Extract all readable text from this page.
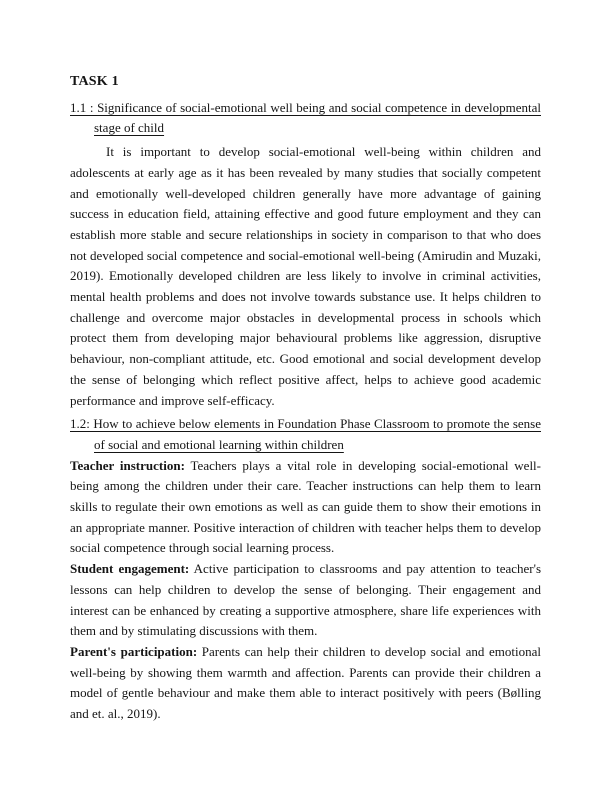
TASK 1

1.1 : Significance of social-emotional well being and social competence in developmental stage of child

It is important to develop social-emotional well-being within children and adolescents at early age as it has been revealed by many studies that socially competent and emotionally well-developed children generally have more advantage of gaining success in education field, attaining effective and good future employment and they can establish more stable and secure relationships in society in comparison to that who does not developed social competence and social-emotional well-being (Amirudin and Muzaki, 2019). Emotionally developed children are less likely to involve in criminal activities, mental health problems and does not involve towards substance use. It helps children to challenge and overcome major obstacles in developmental process in schools which protect them from developing major behavioural problems like aggression, disruptive behaviour, non-compliant attitude, etc. Good emotional and social development develop the sense of belonging which reflect positive affect, helps to achieve good academic performance and improve self-efficacy.

1.2: How to achieve below elements in Foundation Phase Classroom to promote the sense of social and emotional learning within children

Teacher instruction: Teachers plays a vital role in developing social-emotional well-being among the children under their care. Teacher instructions can help them to learn skills to regulate their own emotions as well as can guide them to show their emotions in an appropriate manner. Positive interaction of children with teacher helps them to develop social competence through social learning process.

Student engagement: Active participation to classrooms and pay attention to teacher's lessons can help children to develop the sense of belonging. Their engagement and interest can be enhanced by creating a supportive atmosphere, share life experiences with them and by stimulating discussions with them.

Parent's participation: Parents can help their children to develop social and emotional well-being by showing them warmth and affection. Parents can provide their children a model of gentle behaviour and make them able to interact positively with peers (Bølling and et. al., 2019).
